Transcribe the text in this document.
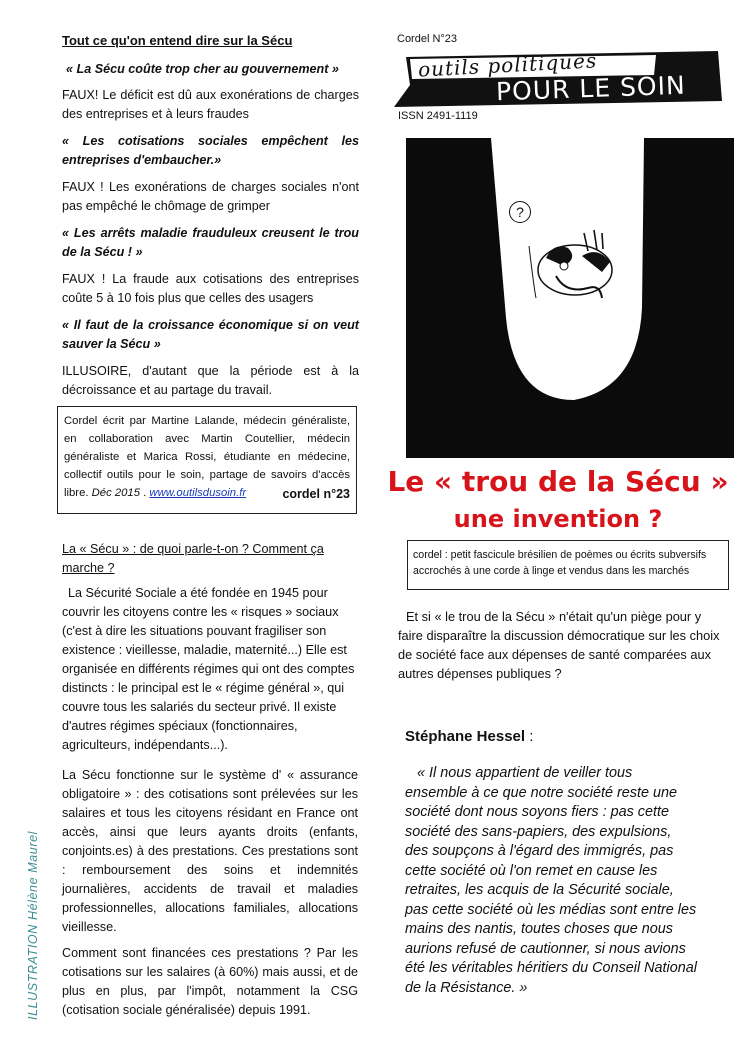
Tout ce qu'on entend dire sur la Sécu
« La Sécu coûte trop cher au gouvernement »
FAUX! Le déficit est dû aux exonérations de charges des entreprises et à leurs fraudes
« Les cotisations sociales empêchent les entreprises d'embaucher.»
FAUX ! Les exonérations de charges sociales n'ont pas empêché le chômage de grimper
« Les arrêts maladie frauduleux creusent le trou de la Sécu ! »
FAUX ! La fraude aux cotisations des entreprises coûte 5 à 10 fois plus que celles des usagers
« Il faut de la croissance économique si on veut sauver la Sécu »
ILLUSOIRE, d'autant que la période est à la décroissance et au partage du travail.
Cordel écrit par Martine Lalande, médecin généraliste, en collaboration avec Martin Coutellier, médecin généraliste et Marica Rossi, étudiante en médecine, collectif outils pour le soin, partage de savoirs d'accès libre. Déc 2015 . www.outilsdusoin.fr	cordel n°23
La « Sécu » : de quoi parle-t-on ? Comment ça marche ?
La Sécurité Sociale a été fondée en 1945 pour couvrir les citoyens contre les « risques » sociaux (c'est à dire les situations pouvant fragiliser son existence : vieillesse, maladie, maternité...) Elle est organisée en différents régimes qui ont des comptes distincts : le principal est le « régime général », qui couvre tous les salariés du secteur privé. Il existe d'autres régimes spéciaux (fonctionnaires, agriculteurs, indépendants...).
La Sécu fonctionne sur le système d' « assurance obligatoire » : des cotisations sont prélevées sur les salaires et tous les citoyens résidant en France ont accès, ainsi que leurs ayants droits (enfants, conjoints.es) à des prestations. Ces prestations sont : remboursement des soins et indemnités journalières, accidents de travail et maladies professionnelles, allocations familiales, allocations vieillesse.
Comment sont financées ces prestations ? Par les cotisations sur les salaires (à 60%) mais aussi, et de plus en plus, par l'impôt, notamment la CSG (cotisation sociale généralisée) depuis 1991.
ILLUSTRATION Hélène Maurel
Cordel N°23
outils politiques
POUR LE SOIN
ISSN 2491-1119
?
Le « trou de la Sécu »
une invention ?
cordel : petit fascicule brésilien de poèmes ou écrits subversifs accrochés à une corde à linge et vendus dans les marchés
Et si « le trou de la Sécu » n'était qu'un piège pour y faire disparaître la discussion démocratique sur les choix de société face aux dépenses de santé comparées aux autres dépenses publiques ?
Stéphane Hessel :
« Il nous appartient de veiller tous ensemble à ce que notre société reste une société dont nous soyons fiers : pas cette société des sans-papiers, des expulsions, des soupçons à l'égard des immigrés, pas cette société où l'on remet en cause les retraites, les acquis de la Sécurité sociale, pas cette société où les médias sont entre les mains des nantis, toutes choses que nous aurions refusé de cautionner, si nous avions été les véritables héritiers du Conseil National de la Résistance. »
